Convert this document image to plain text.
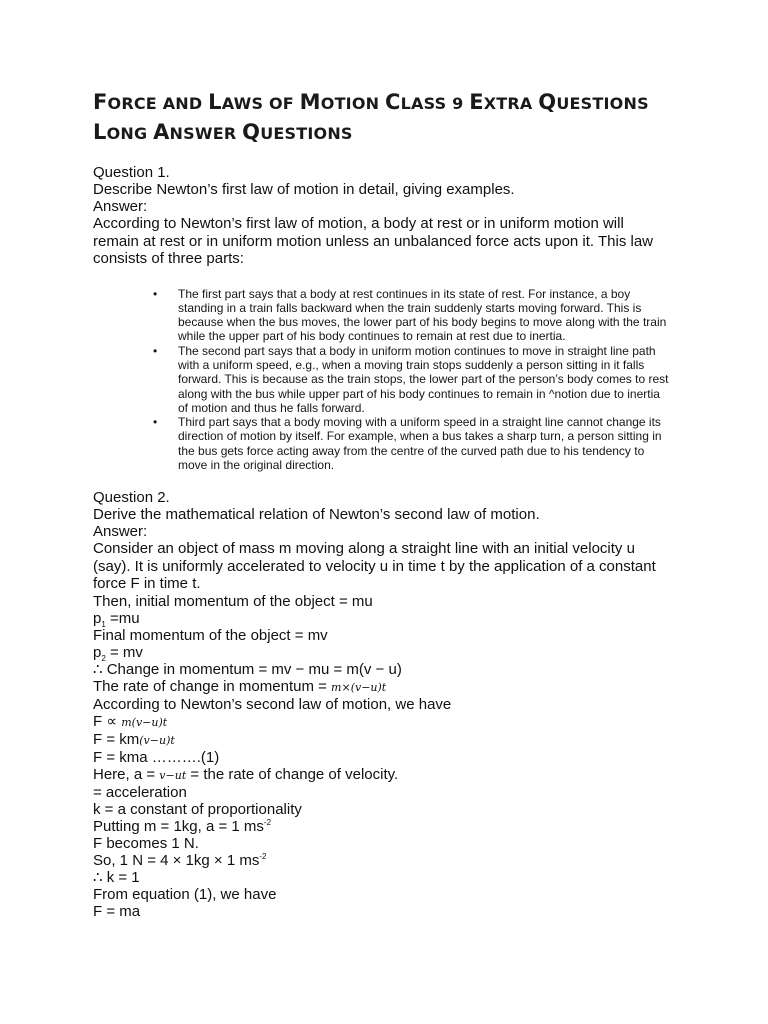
FORCE AND LAWS OF MOTION CLASS 9 EXTRA QUESTIONS
LONG ANSWER QUESTIONS

Question 1.

Describe Newton’s first law of motion in detail, giving examples.

Answer:

According to Newton’s first law of motion, a body at rest or in uniform motion will remain at rest or in uniform motion unless an unbalanced force acts upon it. This law consists of three parts:

• The first part says that a body at rest continues in its state of rest. For instance, a boy standing in a train falls backward when the train suddenly starts moving forward. This is because when the bus moves, the lower part of his body begins to move along with the train while the upper part of his body continues to remain at rest due to inertia.
• The second part says that a body in uniform motion continues to move in straight line path with a uniform speed, e.g., when a moving train stops suddenly a person sitting in it falls forward. This is because as the train stops, the lower part of the person’s body comes to rest along with the bus while upper part of his body continues to remain in ^notion due to inertia of motion and thus he falls forward.
• Third part says that a body moving with a uniform speed in a straight line cannot change its direction of motion by itself. For example, when a bus takes a sharp turn, a person sitting in the bus gets force acting away from the centre of the curved path due to his tendency to move in the original direction.

Question 2.

Derive the mathematical relation of Newton’s second law of motion.

Answer:

Consider an object of mass m moving along a straight line with an initial velocity u (say). It is uniformly accelerated to velocity u in time t by the application of a constant force F in time t.

Then, initial momentum of the object = mu

$p_1 =mu$

Final momentum of the object = mv

$p_2$ = mv

∴ Change in momentum = mv − mu = m(v − u)

The rate of change in momentum = m×(v−u)t

According to Newton’s second law of motion, we have

F ∝ m(v−u)t

F = km(v−u)t

F = kma ……….(1)

Here, a = v−ut = the rate of change of velocity.

= acceleration

k = a constant of proportionality

Putting m = 1kg, a = 1 $ms^{-2}$

F becomes 1 N.

So, 1 N = 4 × 1kg × 1 $ms^{-2}$

∴ k = 1

From equation (1), we have

F = ma
